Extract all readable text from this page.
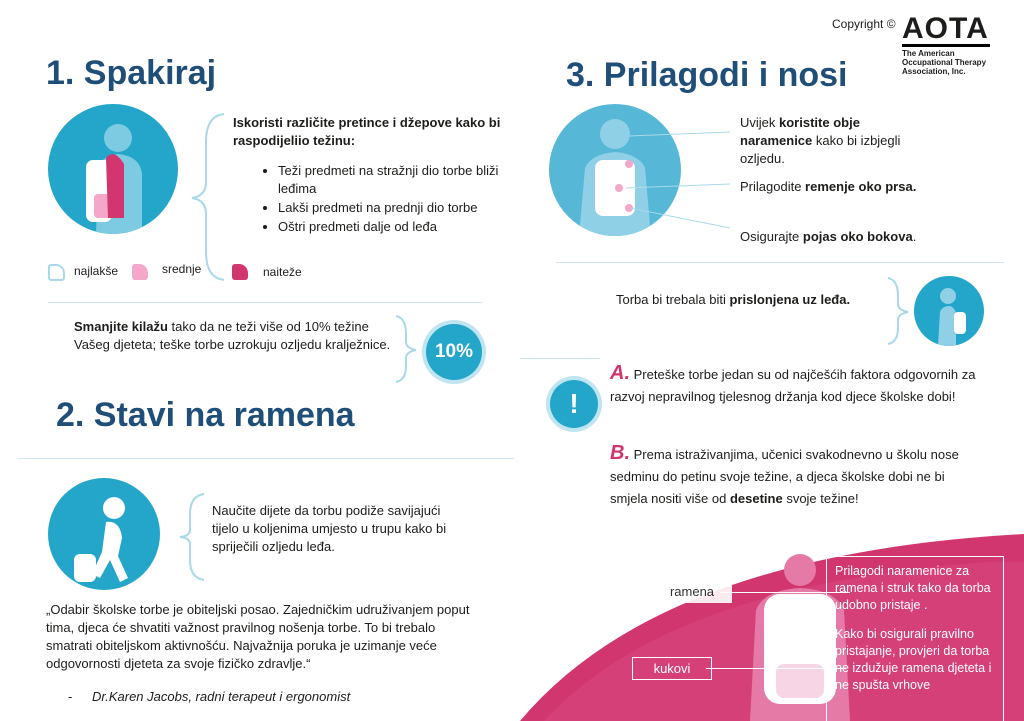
Copyright © AOTA
The American
Occupational Therapy
Association, Inc.
1. Spakiraj
Iskoristi različite pretince i džepove kako bi raspodijeliio težinu:
• Teži predmeti na stražnji dio torbe bliži leđima
• Lakši predmeti na prednji dio torbe
• Oštri predmeti dalje od leđa
najlakše	srednje	naiteže
Smanjite kilažu tako da ne teži više od 10% težine Vašeg djeteta; teške torbe uzrokuju ozljedu kralježnice.	10%
2. Stavi na ramena
Naučite dijete da torbu podiže savijajući tijelo u koljenima umjesto u trupu kako bi spriječili ozljedu leđa.
„Odabir školske torbe je obiteljski posao. Zajedničkim udruživanjem poput tima, djeca će shvatiti važnost pravilnog nošenja torbe. To bi trebalo smatrati obiteljskom aktivnošću. Najvažnija poruka je uzimanje veće odgovornosti djeteta za svoje fizičko zdravlje.“
- Dr.Karen Jacobs, radni terapeut i ergonomist
3. Prilagodi i nosi
Uvijek koristite obje naramenice kako bi izbjegli ozljedu.
Prilagodite remenje oko prsa.
Osigurajte pojas oko bokova.
Torba bi trebala biti prislonjena uz leđa.
!
A. Preteške torbe jedan su od najčešćih faktora odgovornih za razvoj nepravilnog tjelesnog držanja kod djece školske dobi!
B. Prema istraživanjima, učenici svakodnevno u školu nose sedminu do petinu svoje težine, a djeca školske dobi ne bi smjela nositi više od desetine svoje težine!
ramena
kukovi
Prilagodi naramenice za ramena i struk tako da torba udobno pristaje .
Kako bi osigurali pravilno pristajanje, provjeri da torba ne izdužuje ramena djeteta i ne spušta vrhove
